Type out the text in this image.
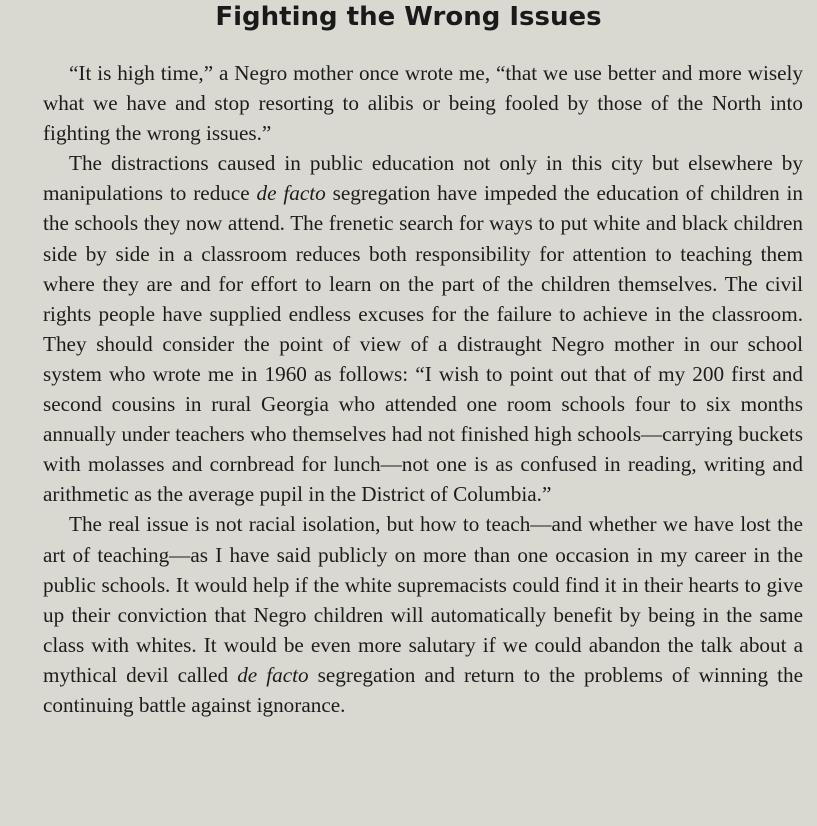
Fighting the Wrong Issues

“It is high time,” a Negro mother once wrote me, “that we use better and more wisely what we have and stop resorting to alibis or being fooled by those of the North into fighting the wrong issues.”

The distractions caused in public education not only in this city but elsewhere by manipulations to reduce de facto segregation have impeded the education of children in the schools they now attend. The frenetic search for ways to put white and black children side by side in a classroom reduces both responsibility for attention to teaching them where they are and for effort to learn on the part of the children themselves. The civil rights people have supplied endless excuses for the failure to achieve in the classroom. They should consider the point of view of a distraught Negro mother in our school system who wrote me in 1960 as follows: “I wish to point out that of my 200 first and second cousins in rural Georgia who attended one room schools four to six months annually under teachers who themselves had not finished high schools—carrying buckets with molasses and cornbread for lunch—not one is as confused in reading, writing and arithmetic as the average pupil in the District of Columbia.”

The real issue is not racial isolation, but how to teach—and whether we have lost the art of teaching—as I have said publicly on more than one occasion in my career in the public schools. It would help if the white supremacists could find it in their hearts to give up their conviction that Negro children will automatically benefit by being in the same class with whites. It would be even more salutary if we could abandon the talk about a mythical devil called de facto segregation and return to the problems of winning the continuing battle against ignorance.
